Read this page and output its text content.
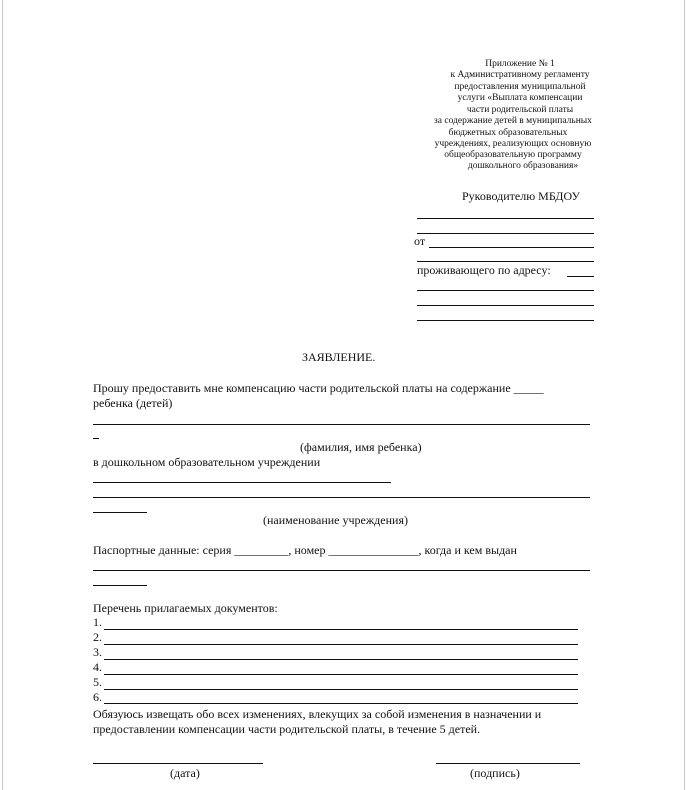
Приложение № 1
к Административному регламенту
предоставления муниципальной
услуги «Выплата компенсации
части родительской платы
за содержание детей в муниципальных
бюджетных образовательных
учреждениях, реализующих основную
общеобразовательную программу
дошкольного образования»
Руководителю МБДОУ
от
проживающего по адресу:
ЗАЯВЛЕНИЕ.
Прошу предоставить мне компенсацию части родительской платы на содержание _____
ребенка (детей)
(фамилия, имя ребенка)
в дошкольном образовательном учреждении
(наименование учреждения)
Паспортные данные: серия _________, номер _______________, когда и кем выдан
Перечень прилагаемых документов:
1.
2.
3.
4.
5.
6.
Обязуюсь извещать обо всех изменениях, влекущих за собой изменения в назначении и
предоставлении компенсации части родительской платы, в течение 5 детей.
(дата)	(подпись)
